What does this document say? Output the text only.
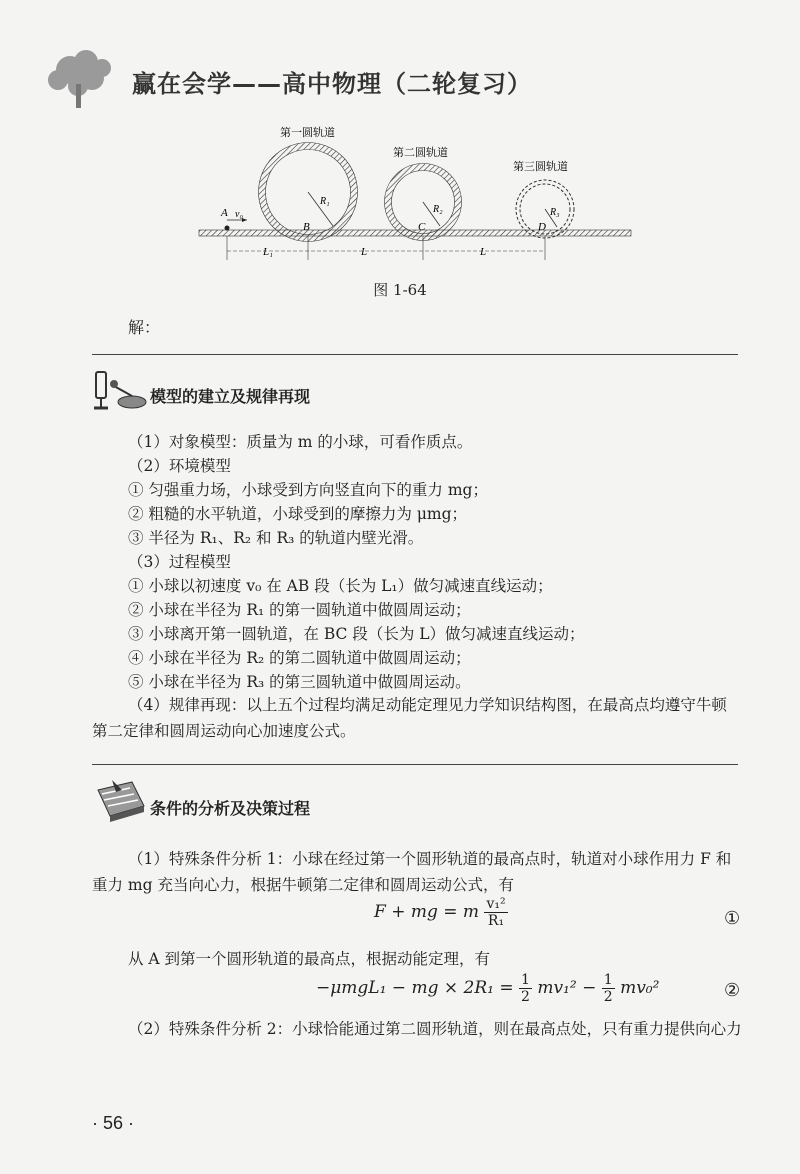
赢在会学——高中物理（二轮复习）
第一圆轨道
第二圆轨道
第三圆轨道
A v₀
B	C	D
R₁
R₂	R₃
L₁	L	L
图 1-64
解：
模型的建立及规律再现
（1）对象模型：质量为 m 的小球，可看作质点。
（2）环境模型
① 匀强重力场，小球受到方向竖直向下的重力 mg；
② 粗糙的水平轨道，小球受到的摩擦力为 μmg；
③ 半径为 R₁、R₂ 和 R₃ 的轨道内壁光滑。
（3）过程模型
① 小球以初速度 v₀ 在 AB 段（长为 L₁）做匀减速直线运动；
② 小球在半径为 R₁ 的第一圆轨道中做圆周运动；
③ 小球离开第一圆轨道，在 BC 段（长为 L）做匀减速直线运动；
④ 小球在半径为 R₂ 的第二圆轨道中做圆周运动；
⑤ 小球在半径为 R₃ 的第三圆轨道中做圆周运动。
（4）规律再现：以上五个过程均满足动能定理见力学知识结构图，在最高点均遵守牛顿第二定律和圆周运动向心加速度公式。
条件的分析及决策过程
（1）特殊条件分析 1：小球在经过第一个圆形轨道的最高点时，轨道对小球作用力 F 和重力 mg 充当向心力，根据牛顿第二定律和圆周运动公式，有
F + mg = m $\frac{\text{v₁²}}{\text{R₁}}$	①
从 A 到第一个圆形轨道的最高点，根据动能定理，有
−μmgL₁ − mg × $2R_1 = \frac{1}{2} mv_1^2 - \frac{1}{2} mv_0^2$	②
（2）特殊条件分析 2：小球恰能通过第二圆形轨道，则在最高点处，只有重力提供向心力
· 56 ·
